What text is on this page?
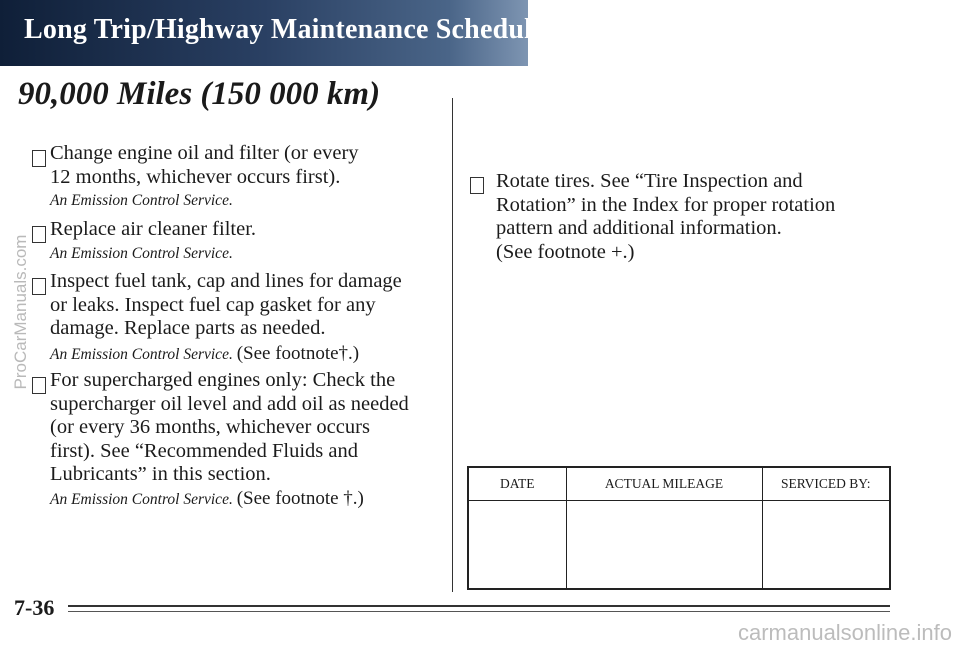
Long Trip/Highway Maintenance Schedule
90,000 Miles (150 000 km)
Change engine oil and filter (or every
12 months, whichever occurs first).
An Emission Control Service.
Replace air cleaner filter.
An Emission Control Service.
Inspect fuel tank, cap and lines for damage
or leaks. Inspect fuel cap gasket for any
damage. Replace parts as needed.
An Emission Control Service. (See footnote†.)
For supercharged engines only: Check the
supercharger oil level and add oil as needed
(or every 36 months, whichever occurs
first). See “Recommended Fluids and
Lubricants” in this section.
An Emission Control Service. (See footnote †.)
Rotate tires. See “Tire Inspection and
Rotation” in the Index for proper rotation
pattern and additional information.
(See footnote +.)
DATE	ACTUAL MILEAGE	SERVICED BY:

7-36
ProCarManuals.com
carmanualsonline.info
